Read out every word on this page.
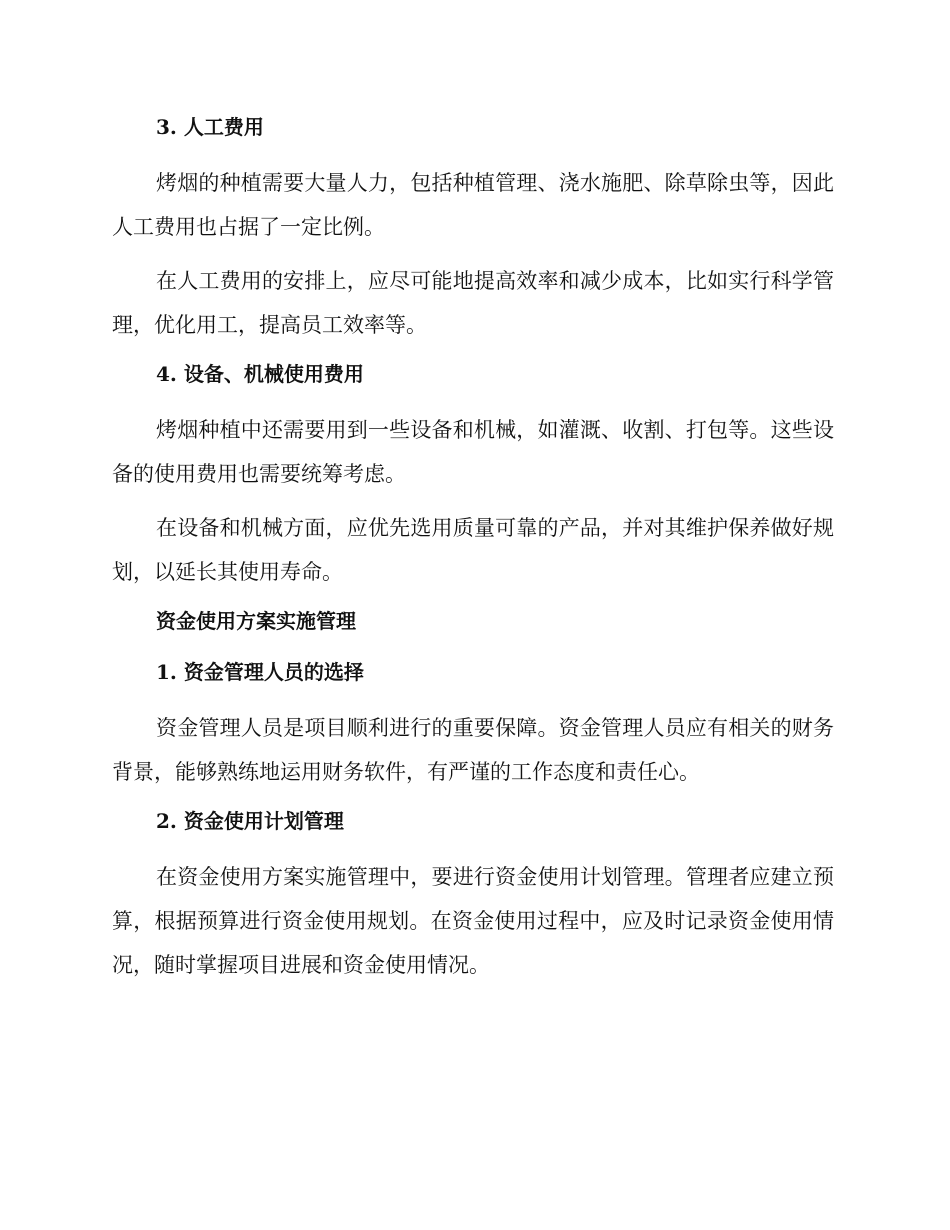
3. 人工费用

烤烟的种植需要大量人力，包括种植管理、浇水施肥、除草除虫等，因此人工费用也占据了一定比例。

在人工费用的安排上，应尽可能地提高效率和减少成本，比如实行科学管理，优化用工，提高员工效率等。

4. 设备、机械使用费用

烤烟种植中还需要用到一些设备和机械，如灌溉、收割、打包等。这些设备的使用费用也需要统筹考虑。

在设备和机械方面，应优先选用质量可靠的产品，并对其维护保养做好规划，以延长其使用寿命。

资金使用方案实施管理
1. 资金管理人员的选择

资金管理人员是项目顺利进行的重要保障。资金管理人员应有相关的财务背景，能够熟练地运用财务软件，有严谨的工作态度和责任心。

2. 资金使用计划管理

在资金使用方案实施管理中，要进行资金使用计划管理。管理者应建立预算，根据预算进行资金使用规划。在资金使用过程中，应及时记录资金使用情况，随时掌握项目进展和资金使用情况。
